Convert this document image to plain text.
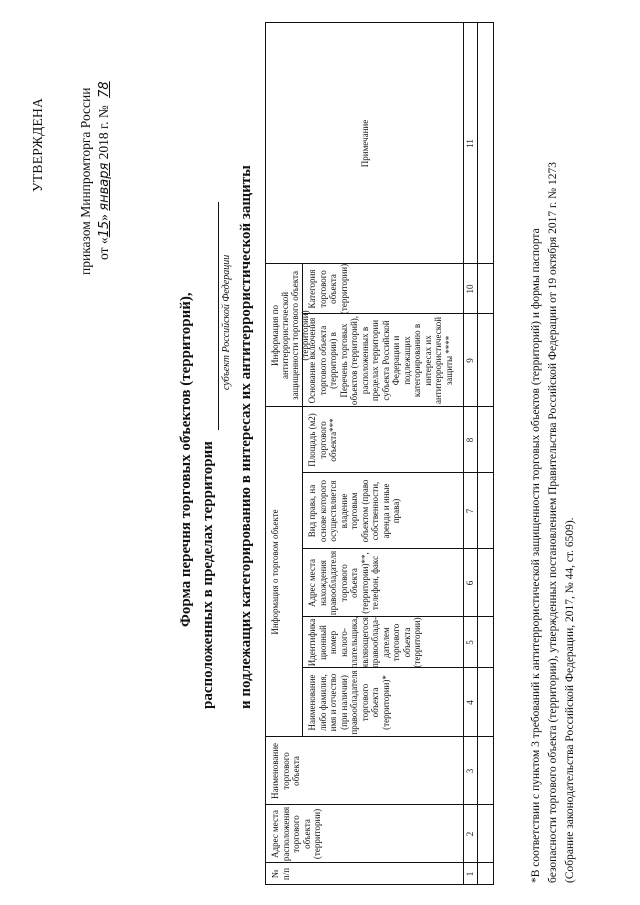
УТВЕРЖДЕНА приказом Минпромторга России от «15» января 2018 г. № 78
Форма перечня торговых объектов (территорий), расположенных в пределах территории
субъект Российской Федерации и подлежащих категорированию в интересах их антитеррористической защиты Информация о торговом объекте
Информация по антитеррористической защищенности торгового объекта (территории)
№ п/п
Адрес места расположения торгового объекта (территории)
Наименование торгового объекта
Наименование либо фамилия, имя и отчество (при наличии) правообладателя торгового объекта (территории)*
Идентифика ционный номер налого- плательщика, являющегося правооблада- дателем торгового объекта (территории)
Адрес места нахождения правообладателя торгового объекта (территории)**, телефон, факс
Вид права, на основе которого осуществляется владение торговым объектом (право собственности, аренда и иные права)
Площадь (м2) торгового объекта***
Основание включения торгового объекта (территории) в Перечень торговых объектов (территорий), расположенных в пределах территории субъекта Российской Федерации и подлежащих категорированию в интересах их антитеррористической защиты ****
Категория торгового объекта (территории)
Примечание
1
2
3
4
5
6
7
8
9
10
11
*В соответствии с пунктом 3 требований к антитеррористической защищенности торговых объектов (территорий) и формы паспорта безопасности торгового объекта (территории), утвержденных постановлением Правительства Российской Федерации от 19 октября 2017 г. № 1273 (Собрание законодательства Российской Федерации, 2017, № 44, ст. 6509).
